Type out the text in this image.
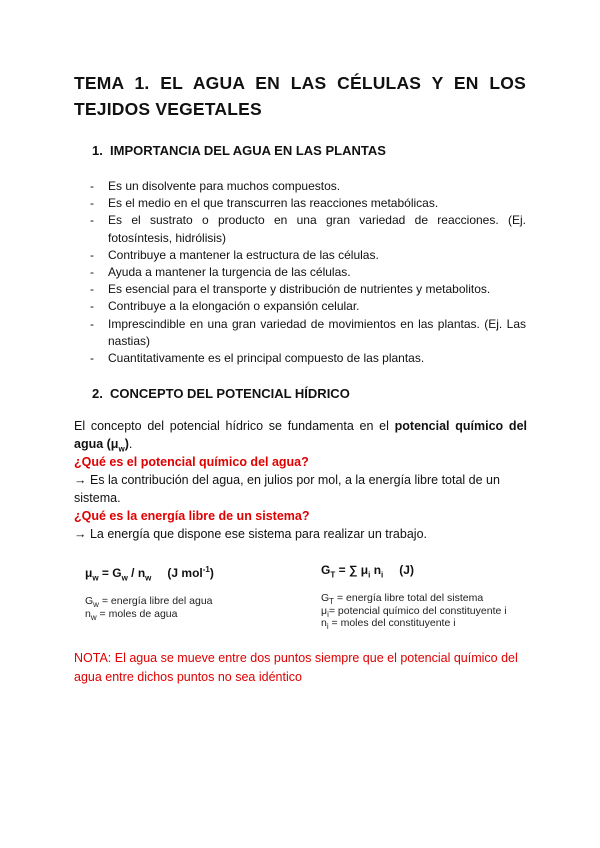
TEMA 1. EL AGUA EN LAS CÉLULAS Y EN LOS TEJIDOS VEGETALES
1. IMPORTANCIA DEL AGUA EN LAS PLANTAS
- Es un disolvente para muchos compuestos.
- Es el medio en el que transcurren las reacciones metabólicas.
- Es el sustrato o producto en una gran variedad de reacciones. (Ej. fotosíntesis, hidrólisis)
- Contribuye a mantener la estructura de las células.
- Ayuda a mantener la turgencia de las células.
- Es esencial para el transporte y distribución de nutrientes y metabolitos.
- Contribuye a la elongación o expansión celular.
- Imprescindible en una gran variedad de movimientos en las plantas. (Ej. Las nastias)
- Cuantitativamente es el principal compuesto de las plantas.
2. CONCEPTO DEL POTENCIAL HÍDRICO

El concepto del potencial hídrico se fundamenta en el potencial químico del agua $(\mu_w)$.

¿Qué es el potencial químico del agua?

→ Es la contribución del agua, en julios por mol, a la energía libre total de un sistema.

¿Qué es la energía libre de un sistema?

→ La energía que dispone ese sistema para realizar un trabajo.

$\mu_w = G_w / n_w$ (J mol$^{-1}$)

$G_w$ = energía libre del agua

$n_w$ = moles de agua

$G_T$ = ∑ $\mu_i$ $n_i$ (J)

$G_T$ = energía libre total del sistema

$\mu_i=$ potencial químico del constituyente i

$n_i$ = moles del constituyente i

NOTA: El agua se mueve entre dos puntos siempre que el potencial químico del agua entre dichos puntos no sea idéntico
